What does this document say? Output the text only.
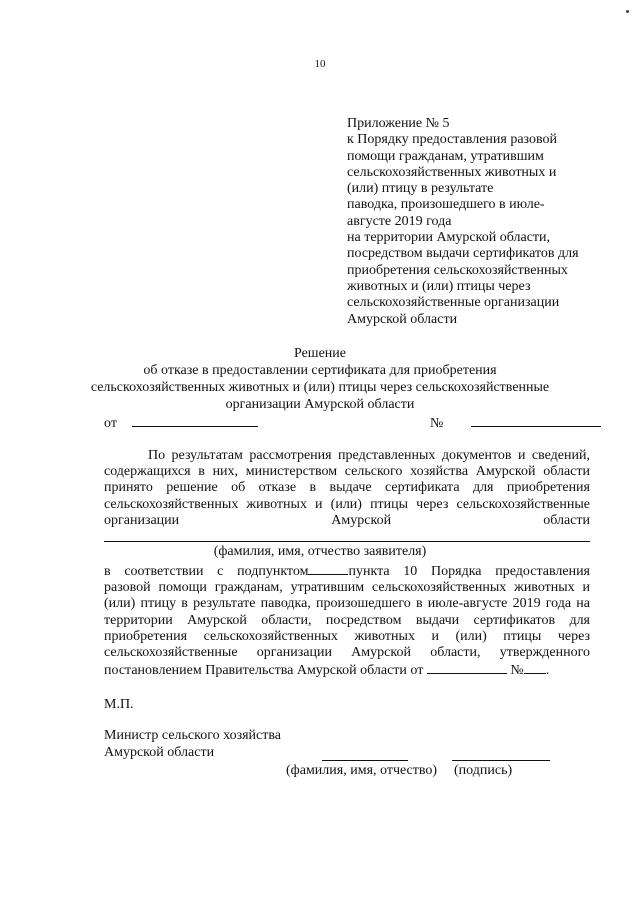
10
Приложение № 5
к Порядку предоставления разовой
помощи гражданам, утратившим
сельскохозяйственных животных и
(или) птицу в результате
паводка, произошедшего в июле-
августе 2019 года
на территории Амурской области,
посредством выдачи сертификатов для
приобретения сельскохозяйственных
животных и (или) птицы через
сельскохозяйственные организации
Амурской области
Решение
об отказе в предоставлении сертификата для приобретения
сельскохозяйственных животных и (или) птицы через сельскохозяйственные
организации Амурской области
от	№
По результатам рассмотрения представленных документов и сведений,
содержащихся в них, министерством сельского хозяйства Амурской области
принято решение об отказе в выдаче сертификата для приобретения
сельскохозяйственных животных и (или) птицы через сельскохозяйственные
организации Амурской области
(фамилия, имя, отчество заявителя)
в соответствии с подпунктом	пункта 10 Порядка предоставления
разовой помощи гражданам, утратившим сельскохозяйственных животных и
(или) птицу в результате паводка, произошедшего в июле-августе 2019 года на
территории Амурской области, посредством выдачи сертификатов для
приобретения сельскохозяйственных животных и (или) птицы через
сельскохозяйственные организации Амурской области, утвержденного
постановлением Правительства Амурской области от	№ .
М.П.
Министр сельского хозяйства
Амурской области
(фамилия, имя, отчество) (подпись)
